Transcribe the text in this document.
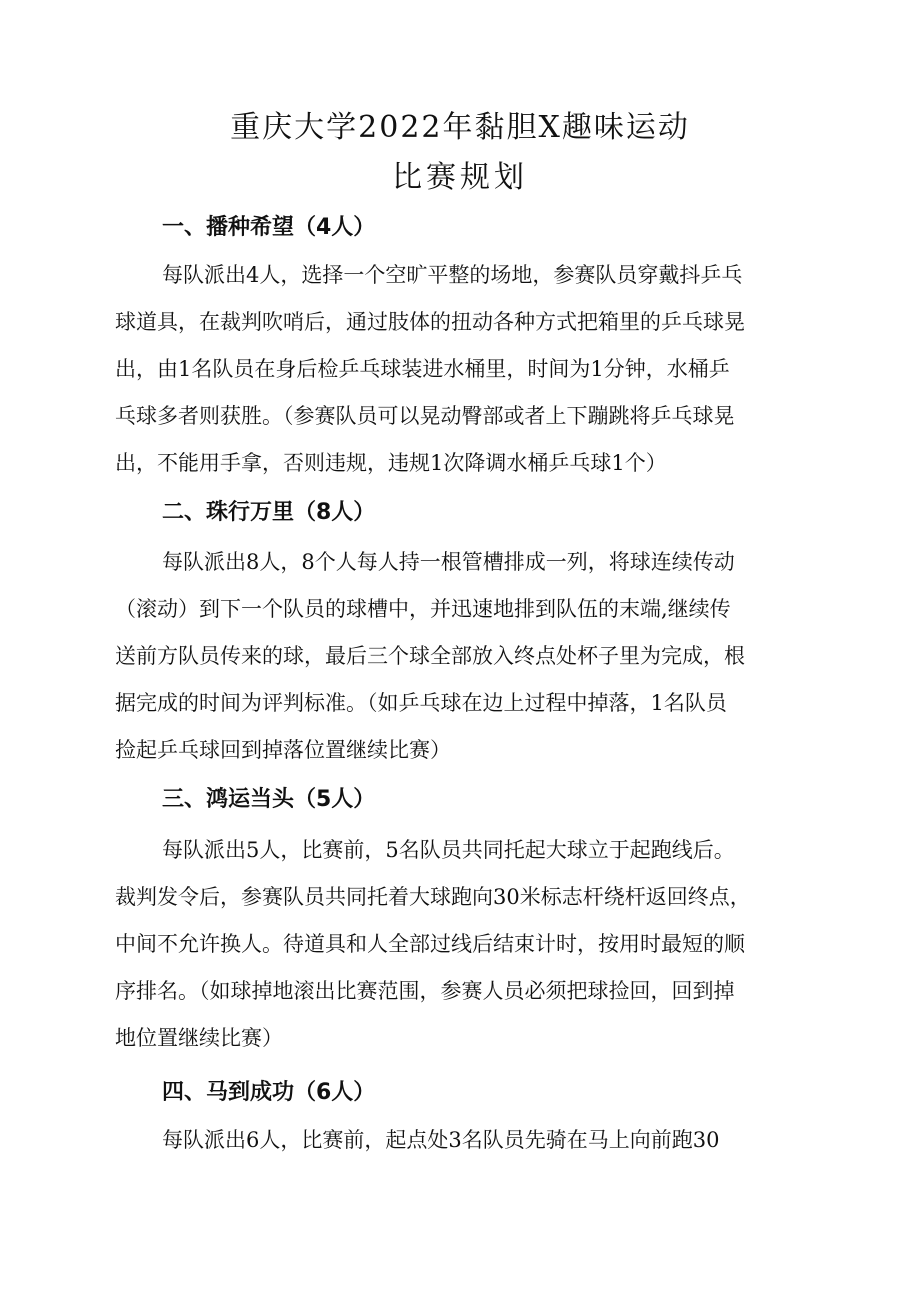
重庆大学2022年黏胆X趣味运动
比赛规划
一、播种希望（4人）
每队派出4人，选择一个空旷平整的场地，参赛队员穿戴抖乒乓
球道具，在裁判吹哨后，通过肢体的扭动各种方式把箱里的乒乓球晃
出，由1名队员在身后检乒乓球装进水桶里，时间为1分钟，水桶乒
乓球多者则获胜。（参赛队员可以晃动臀部或者上下蹦跳将乒乓球晃
出，不能用手拿，否则违规，违规1次降调水桶乒乓球1个）
二、珠行万里（8人）
每队派出8人，8个人每人持一根管槽排成一列，将球连续传动
（滚动）到下一个队员的球槽中，并迅速地排到队伍的末端,继续传
送前方队员传来的球，最后三个球全部放入终点处杯子里为完成，根
据完成的时间为评判标准。（如乒乓球在边上过程中掉落，1名队员
捡起乒乓球回到掉落位置继续比赛）
三、鸿运当头（5人）
每队派出5人，比赛前，5名队员共同托起大球立于起跑线后。
裁判发令后，参赛队员共同托着大球跑向30米标志杆绕杆返回终点，
中间不允许换人。待道具和人全部过线后结束计时，按用时最短的顺
序排名。（如球掉地滚出比赛范围，参赛人员必须把球捡回，回到掉
地位置继续比赛）
四、马到成功（6人）
每队派出6人，比赛前，起点处3名队员先骑在马上向前跑30
